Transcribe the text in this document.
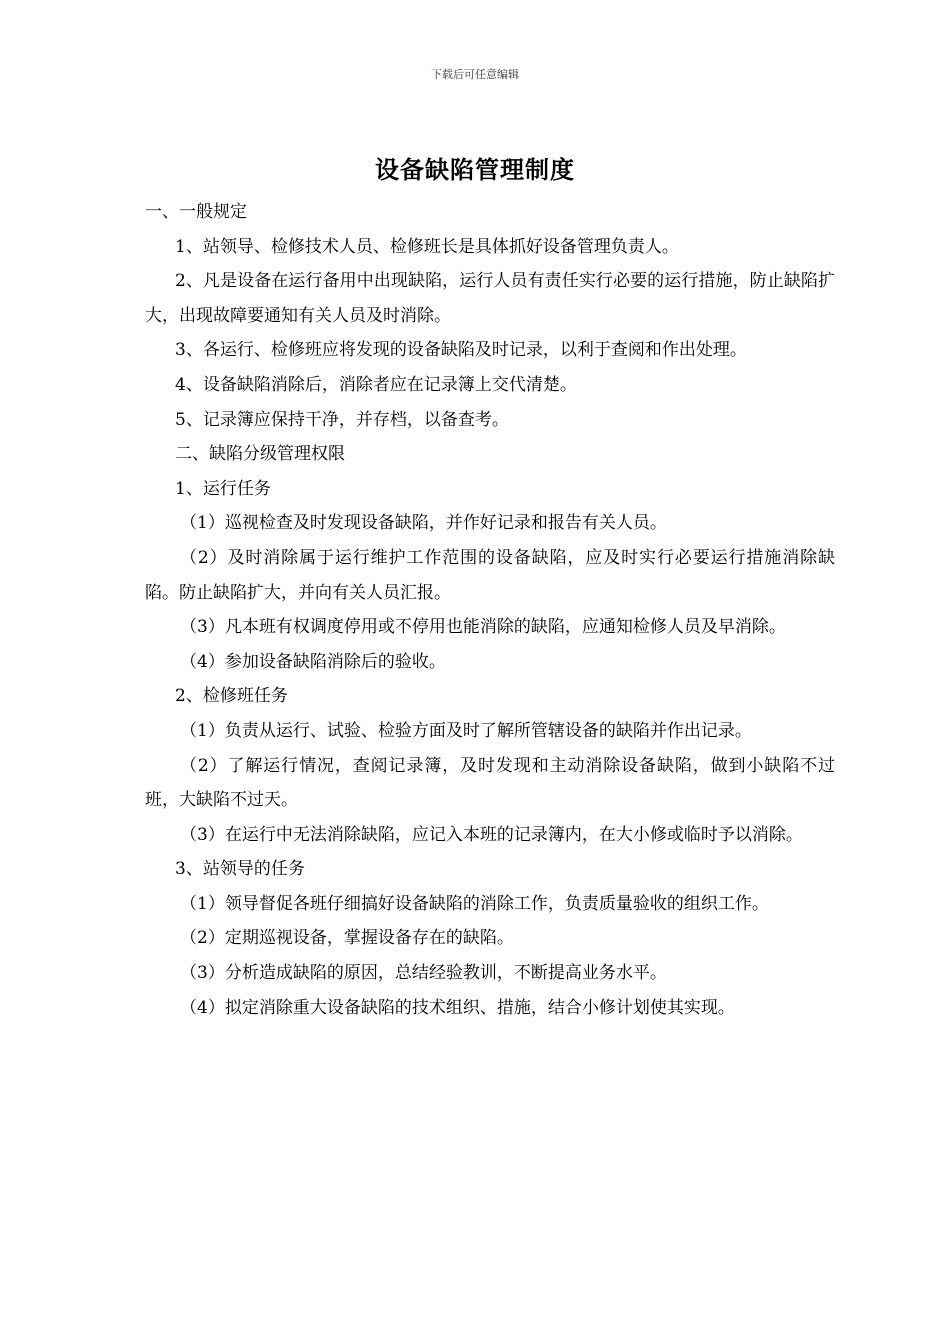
下载后可任意编辑
设备缺陷管理制度

一、一般规定

1、站领导、检修技术人员、检修班长是具体抓好设备管理负责人。

2、凡是设备在运行备用中出现缺陷，运行人员有责任实行必要的运行措施，防止缺陷扩大，出现故障要通知有关人员及时消除。

3、各运行、检修班应将发现的设备缺陷及时记录，以利于查阅和作出处理。

4、设备缺陷消除后，消除者应在记录簿上交代清楚。

5、记录簿应保持干净，并存档，以备查考。

二、缺陷分级管理权限

1、运行任务

（1）巡视检查及时发现设备缺陷，并作好记录和报告有关人员。

（2）及时消除属于运行维护工作范围的设备缺陷，应及时实行必要运行措施消除缺陷。防止缺陷扩大，并向有关人员汇报。

（3）凡本班有权调度停用或不停用也能消除的缺陷，应通知检修人员及早消除。

（4）参加设备缺陷消除后的验收。

2、检修班任务

（1）负责从运行、试验、检验方面及时了解所管辖设备的缺陷并作出记录。

（2）了解运行情况，查阅记录簿，及时发现和主动消除设备缺陷，做到小缺陷不过班，大缺陷不过天。

（3）在运行中无法消除缺陷，应记入本班的记录簿内，在大小修或临时予以消除。

3、站领导的任务

（1）领导督促各班仔细搞好设备缺陷的消除工作，负责质量验收的组织工作。

（2）定期巡视设备，掌握设备存在的缺陷。

（3）分析造成缺陷的原因，总结经验教训，不断提高业务水平。

（4）拟定消除重大设备缺陷的技术组织、措施，结合小修计划使其实现。
